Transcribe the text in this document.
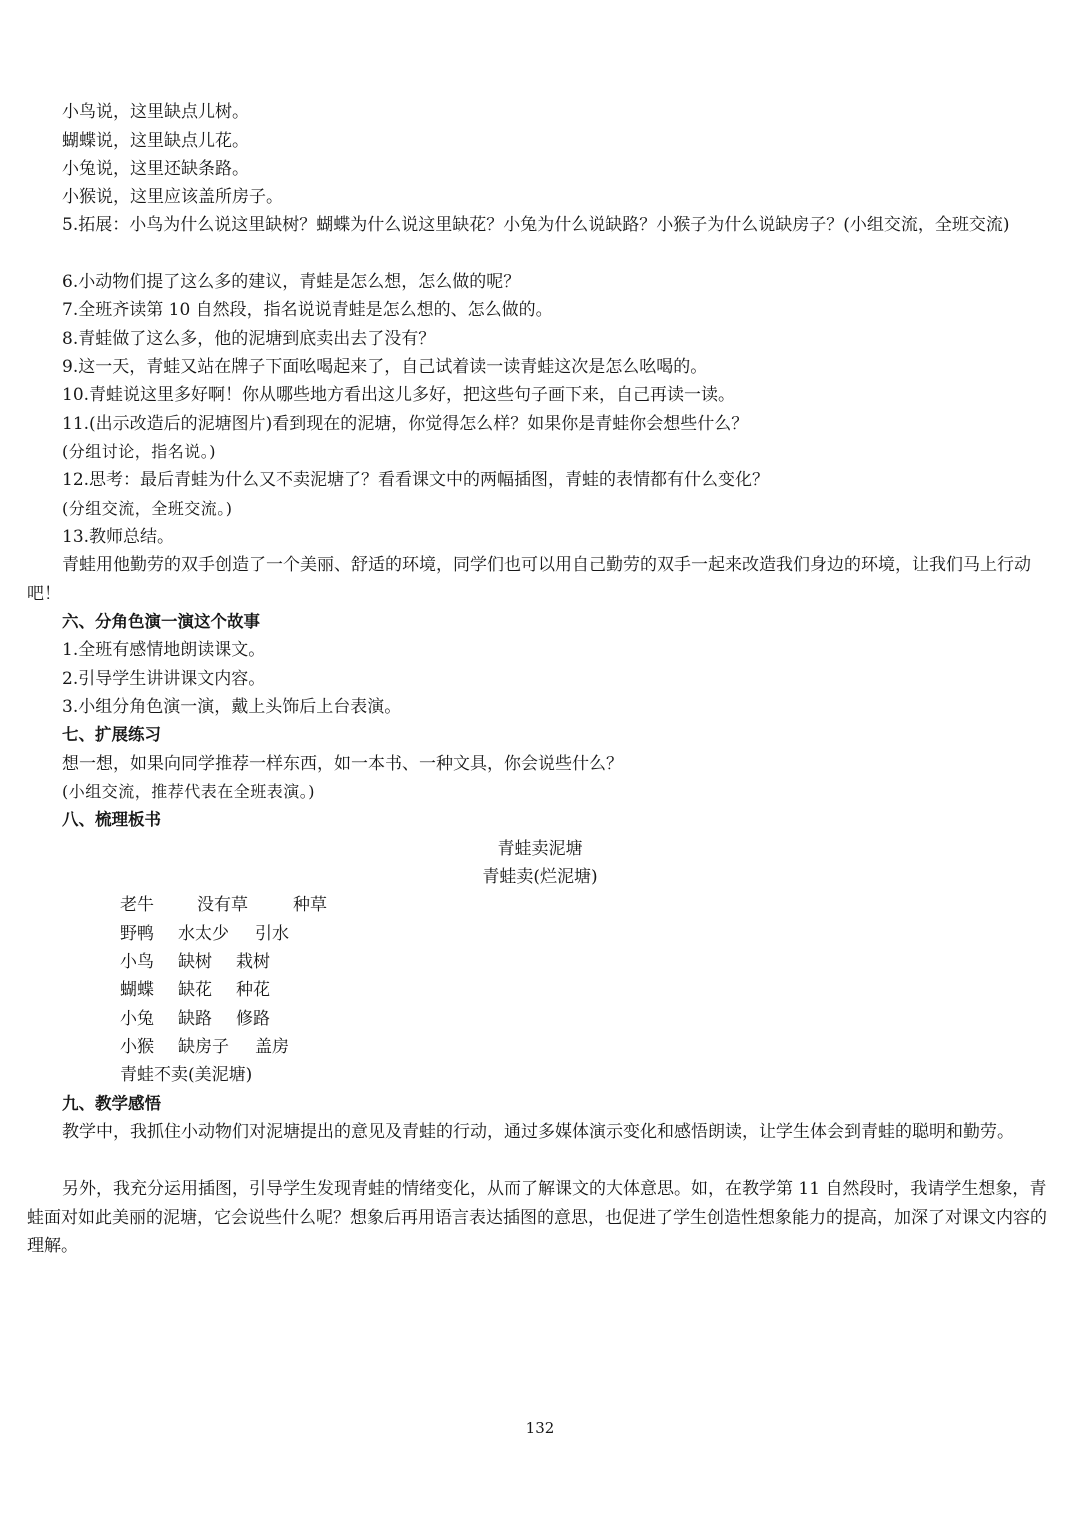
小鸟说，这里缺点儿树。

蝴蝶说，这里缺点儿花。

小兔说，这里还缺条路。

小猴说，这里应该盖所房子。

5.拓展：小鸟为什么说这里缺树？蝴蝶为什么说这里缺花？小兔为什么说缺路？小猴子为什么说缺房子？(小组交流，全班交流)

6.小动物们提了这么多的建议，青蛙是怎么想，怎么做的呢？

7.全班齐读第 10 自然段，指名说说青蛙是怎么想的、怎么做的。

8.青蛙做了这么多，他的泥塘到底卖出去了没有？

9.这一天，青蛙又站在牌子下面吆喝起来了，自己试着读一读青蛙这次是怎么吆喝的。

10.青蛙说这里多好啊！你从哪些地方看出这儿多好，把这些句子画下来，自己再读一读。

11.(出示改造后的泥塘图片)看到现在的泥塘，你觉得怎么样？如果你是青蛙你会想些什么？

(分组讨论，指名说。)

12.思考：最后青蛙为什么又不卖泥塘了？看看课文中的两幅插图，青蛙的表情都有什么变化？

(分组交流，全班交流。)

13.教师总结。

青蛙用他勤劳的双手创造了一个美丽、舒适的环境，同学们也可以用自己勤劳的双手一起来改造我们身边的环境，让我们马上行动吧！

六、分角色演一演这个故事

1.全班有感情地朗读课文。

2.引导学生讲讲课文内容。

3.小组分角色演一演，戴上头饰后上台表演。

七、扩展练习

想一想，如果向同学推荐一样东西，如一本书、一种文具，你会说些什么？

(小组交流，推荐代表在全班表演。)

八、梳理板书

青蛙卖泥塘
青蛙卖(烂泥塘)
老牛	没有草	种草
野鸭 水太少 引水
小鸟 缺树 栽树
蝴蝶 缺花 种花
小兔 缺路 修路
小猴 缺房子 盖房
青蛙不卖(美泥塘)

九、教学感悟

教学中，我抓住小动物们对泥塘提出的意见及青蛙的行动，通过多媒体演示变化和感悟朗读，让学生体会到青蛙的聪明和勤劳。

另外，我充分运用插图，引导学生发现青蛙的情绪变化，从而了解课文的大体意思。如，在教学第 11 自然段时，我请学生想象，青蛙面对如此美丽的泥塘，它会说些什么呢？想象后再用语言表达插图的意思，也促进了学生创造性想象能力的提高，加深了对课文内容的理解。

132
